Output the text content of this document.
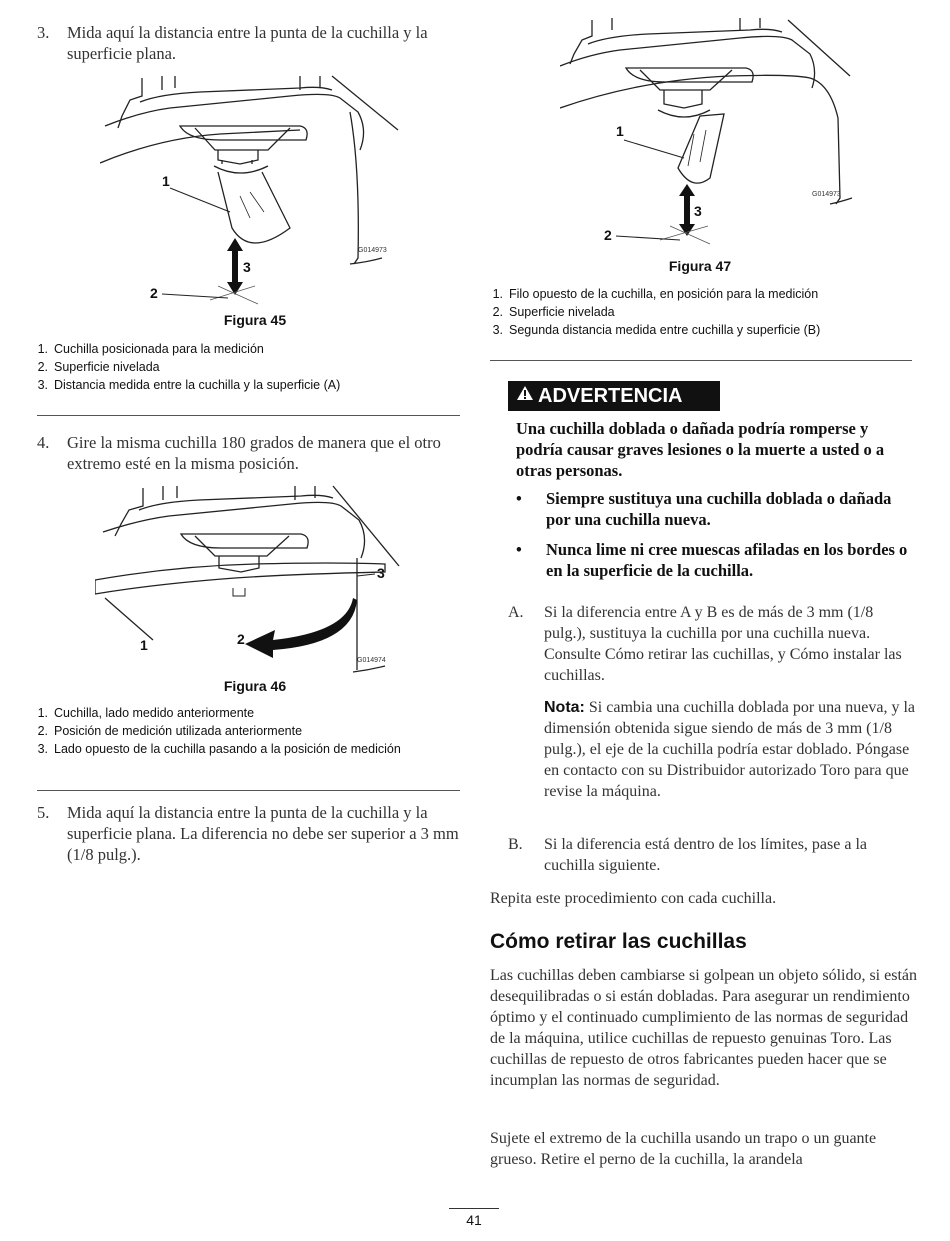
3.	Mida aquí la distancia entre la punta de la cuchilla y la superficie plana.
G014973
1
3
2
Figura 45
1. Cuchilla posicionada para la medición
2. Superficie nivelada
3. Distancia medida entre la cuchilla y la superficie (A)
4.	Gire la misma cuchilla 180 grados de manera que el otro extremo esté en la misma posición.
3
2
1
G014974
Figura 46
1. Cuchilla, lado medido anteriormente
2. Posición de medición utilizada anteriormente
3. Lado opuesto de la cuchilla pasando a la posición de medición
5.	Mida aquí la distancia entre la punta de la cuchilla y la superficie plana. La diferencia no debe ser superior a 3 mm (1/8 pulg.).
G014973
1
3
2
Figura 47
1. Filo opuesto de la cuchilla, en posición para la medición
2. Superficie nivelada
3. Segunda distancia medida entre cuchilla y superficie (B)
ADVERTENCIA
Una cuchilla doblada o dañada podría romperse y podría causar graves lesiones o la muerte a usted o a otras personas.
•	Siempre sustituya una cuchilla doblada o dañada por una cuchilla nueva.
•	Nunca lime ni cree muescas afiladas en los bordes o en la superficie de la cuchilla.
A.	Si la diferencia entre A y B es de más de 3 mm (1/8 pulg.), sustituya la cuchilla por una cuchilla nueva. Consulte Cómo retirar las cuchillas, y Cómo instalar las cuchillas.
Nota: Si cambia una cuchilla doblada por una nueva, y la dimensión obtenida sigue siendo de más de 3 mm (1/8 pulg.), el eje de la cuchilla podría estar doblado. Póngase en contacto con su Distribuidor autorizado Toro para que revise la máquina.
B.	Si la diferencia está dentro de los límites, pase a la cuchilla siguiente.
Repita este procedimiento con cada cuchilla.
Cómo retirar las cuchillas
Las cuchillas deben cambiarse si golpean un objeto sólido, si están desequilibradas o si están dobladas. Para asegurar un rendimiento óptimo y el continuado cumplimiento de las normas de seguridad de la máquina, utilice cuchillas de repuesto genuinas Toro. Las cuchillas de repuesto de otros fabricantes pueden hacer que se incumplan las normas de seguridad.
Sujete el extremo de la cuchilla usando un trapo o un guante grueso. Retire el perno de la cuchilla, la arandela
41
